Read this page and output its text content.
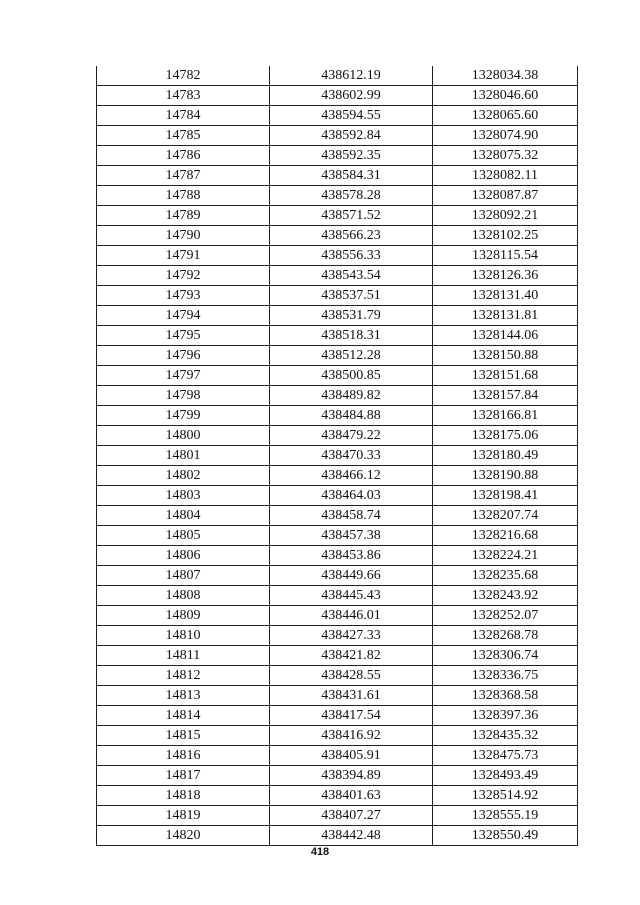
14782	438612.19	1328034.38
14783	438602.99	1328046.60
14784	438594.55	1328065.60
14785	438592.84	1328074.90
14786	438592.35	1328075.32
14787	438584.31	1328082.11
14788	438578.28	1328087.87
14789	438571.52	1328092.21
14790	438566.23	1328102.25
14791	438556.33	1328115.54
14792	438543.54	1328126.36
14793	438537.51	1328131.40
14794	438531.79	1328131.81
14795	438518.31	1328144.06
14796	438512.28	1328150.88
14797	438500.85	1328151.68
14798	438489.82	1328157.84
14799	438484.88	1328166.81
14800	438479.22	1328175.06
14801	438470.33	1328180.49
14802	438466.12	1328190.88
14803	438464.03	1328198.41
14804	438458.74	1328207.74
14805	438457.38	1328216.68
14806	438453.86	1328224.21
14807	438449.66	1328235.68
14808	438445.43	1328243.92
14809	438446.01	1328252.07
14810	438427.33	1328268.78
14811	438421.82	1328306.74
14812	438428.55	1328336.75
14813	438431.61	1328368.58
14814	438417.54	1328397.36
14815	438416.92	1328435.32
14816	438405.91	1328475.73
14817	438394.89	1328493.49
14818	438401.63	1328514.92
14819	438407.27	1328555.19
14820	438442.48	1328550.49
418
